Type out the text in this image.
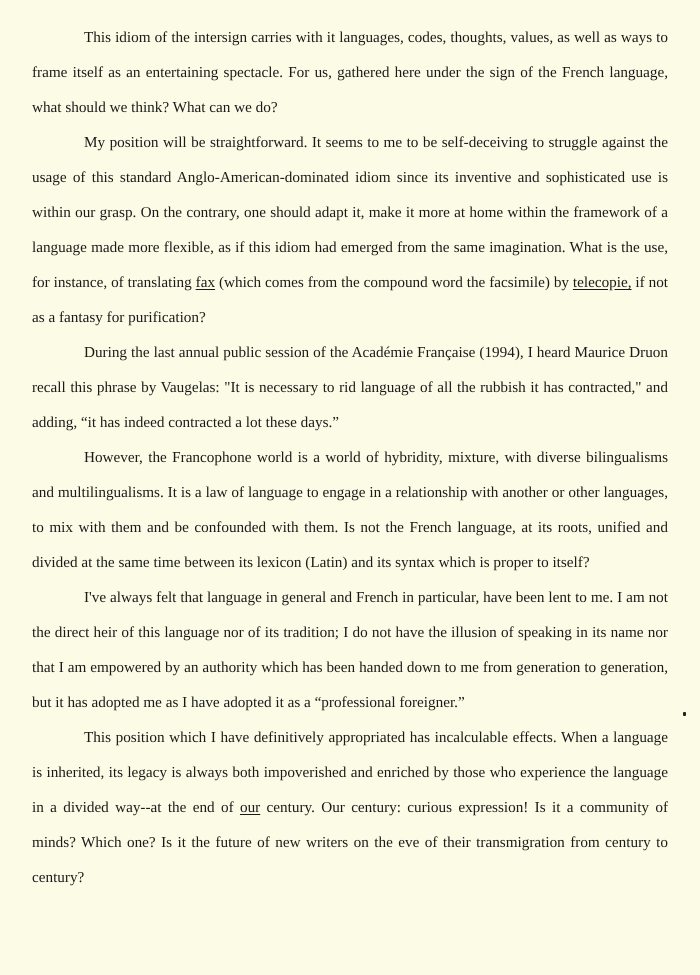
This idiom of the intersign carries with it languages, codes, thoughts, values, as well as ways to frame itself as an entertaining spectacle. For us, gathered here under the sign of the French language, what should we think? What can we do?

My position will be straightforward. It seems to me to be self-deceiving to struggle against the usage of this standard Anglo-American-dominated idiom since its inventive and sophisticated use is within our grasp. On the contrary, one should adapt it, make it more at home within the framework of a language made more flexible, as if this idiom had emerged from the same imagination. What is the use, for instance, of translating fax (which comes from the compound word the facsimile) by telecopie, if not as a fantasy for purification?

During the last annual public session of the Académie Française (1994), I heard Maurice Druon recall this phrase by Vaugelas: "It is necessary to rid language of all the rubbish it has contracted," and adding, “it has indeed contracted a lot these days.”

However, the Francophone world is a world of hybridity, mixture, with diverse bilingualisms and multilingualisms. It is a law of language to engage in a relationship with another or other languages, to mix with them and be confounded with them. Is not the French language, at its roots, unified and divided at the same time between its lexicon (Latin) and its syntax which is proper to itself?

I've always felt that language in general and French in particular, have been lent to me. I am not the direct heir of this language nor of its tradition; I do not have the illusion of speaking in its name nor that I am empowered by an authority which has been handed down to me from generation to generation, but it has adopted me as I have adopted it as a “professional foreigner.”

This position which I have definitively appropriated has incalculable effects. When a language is inherited, its legacy is always both impoverished and enriched by those who experience the language in a divided way--at the end of our century. Our century: curious expression! Is it a community of minds? Which one? Is it the future of new writers on the eve of their transmigration from century to century?
